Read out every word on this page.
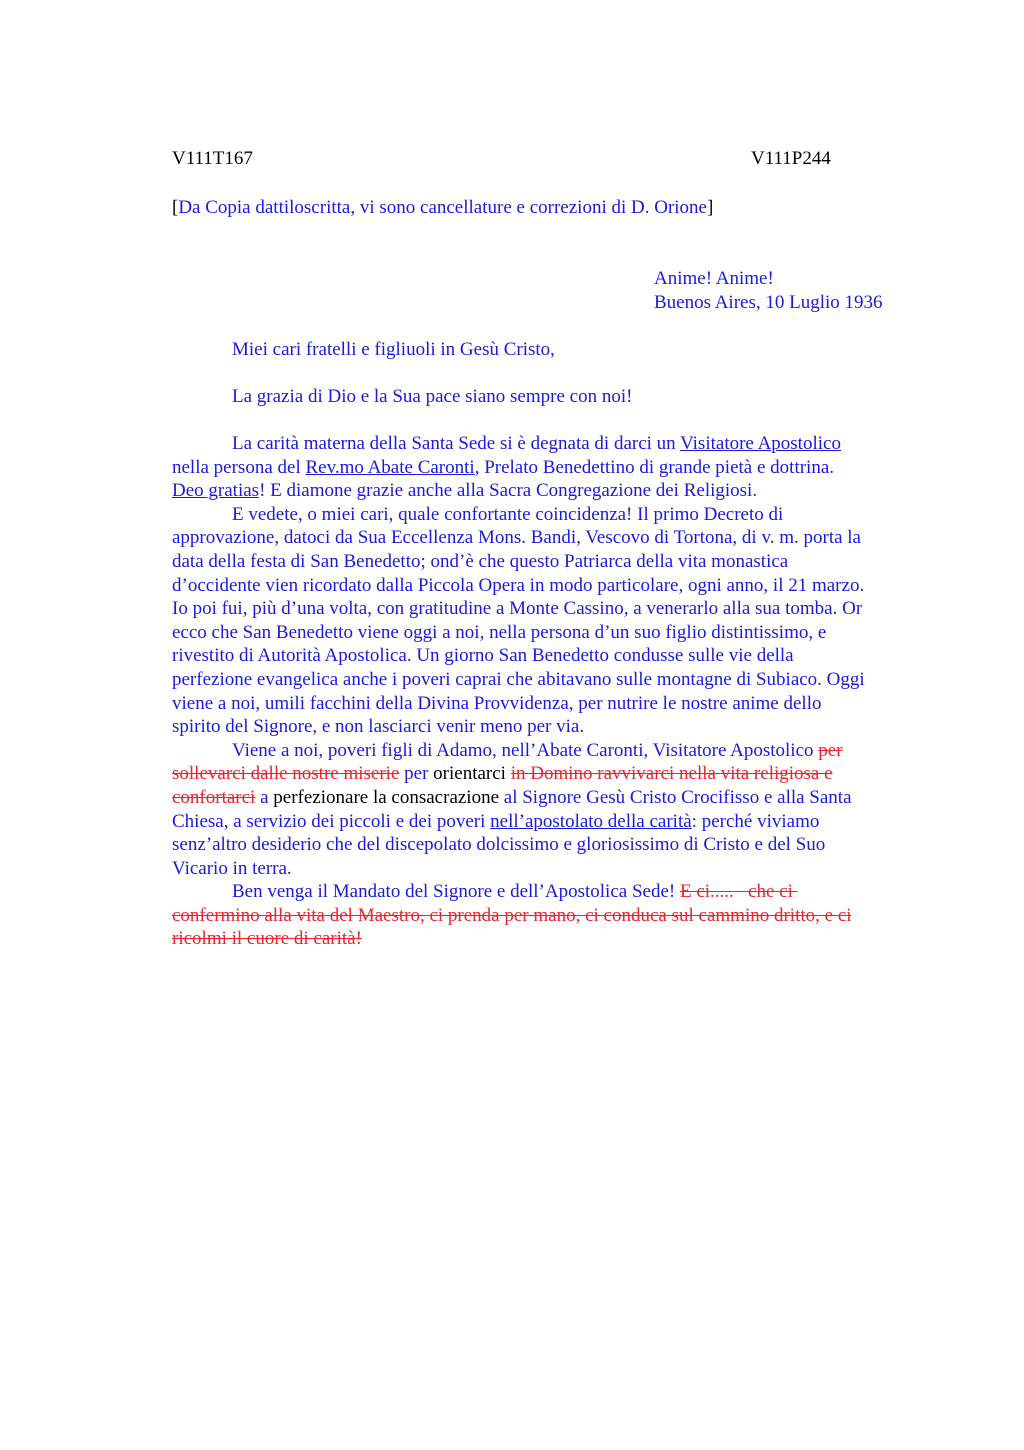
V111T167	V111P244
[Da Copia dattiloscritta, vi sono cancellature e correzioni di D. Orione]
Anime! Anime!
Buenos Aires, 10 Luglio 1936
Miei cari fratelli e figliuoli in Gesù Cristo,
La grazia di Dio e la Sua pace siano sempre con noi!
La carità materna della Santa Sede si è degnata di darci un Visitatore Apostolico
nella persona del Rev.mo Abate Caronti, Prelato Benedettino di grande pietà e dottrina.
Deo gratias! E diamone grazie anche alla Sacra Congregazione dei Religiosi.
E vedete, o miei cari, quale confortante coincidenza! Il primo Decreto di
approvazione, datoci da Sua Eccellenza Mons. Bandi, Vescovo di Tortona, di v. m. porta la
data della festa di San Benedetto; ond’è che questo Patriarca della vita monastica
d’occidente vien ricordato dalla Piccola Opera in modo particolare, ogni anno, il 21 marzo.
Io poi fui, più d’una volta, con gratitudine a Monte Cassino, a venerarlo alla sua tomba. Or
ecco che San Benedetto viene oggi a noi, nella persona d’un suo figlio distintissimo, e
rivestito di Autorità Apostolica. Un giorno San Benedetto condusse sulle vie della
perfezione evangelica anche i poveri caprai che abitavano sulle montagne di Subiaco. Oggi
viene a noi, umili facchini della Divina Provvidenza, per nutrire le nostre anime dello
spirito del Signore, e non lasciarci venir meno per via.
Viene a noi, poveri figli di Adamo, nell’Abate Caronti, Visitatore Apostolico per
sollevarci dalle nostre miserie per orientarci in Domino ravvivarci nella vita religiosa e
confortarci a perfezionare la consacrazione al Signore Gesù Cristo Crocifisso e alla Santa
Chiesa, a servizio dei piccoli e dei poveri nell’apostolato della carità: perché viviamo
senz’altro desiderio che del discepolato dolcissimo e gloriosissimo di Cristo e del Suo
Vicario in terra.
Ben venga il Mandato del Signore e dell’Apostolica Sede! E ci.....   che ci
confermino alla vita del Maestro, ci prenda per mano, ci conduca sul cammino dritto, e ci
ricolmi il cuore di carità!
